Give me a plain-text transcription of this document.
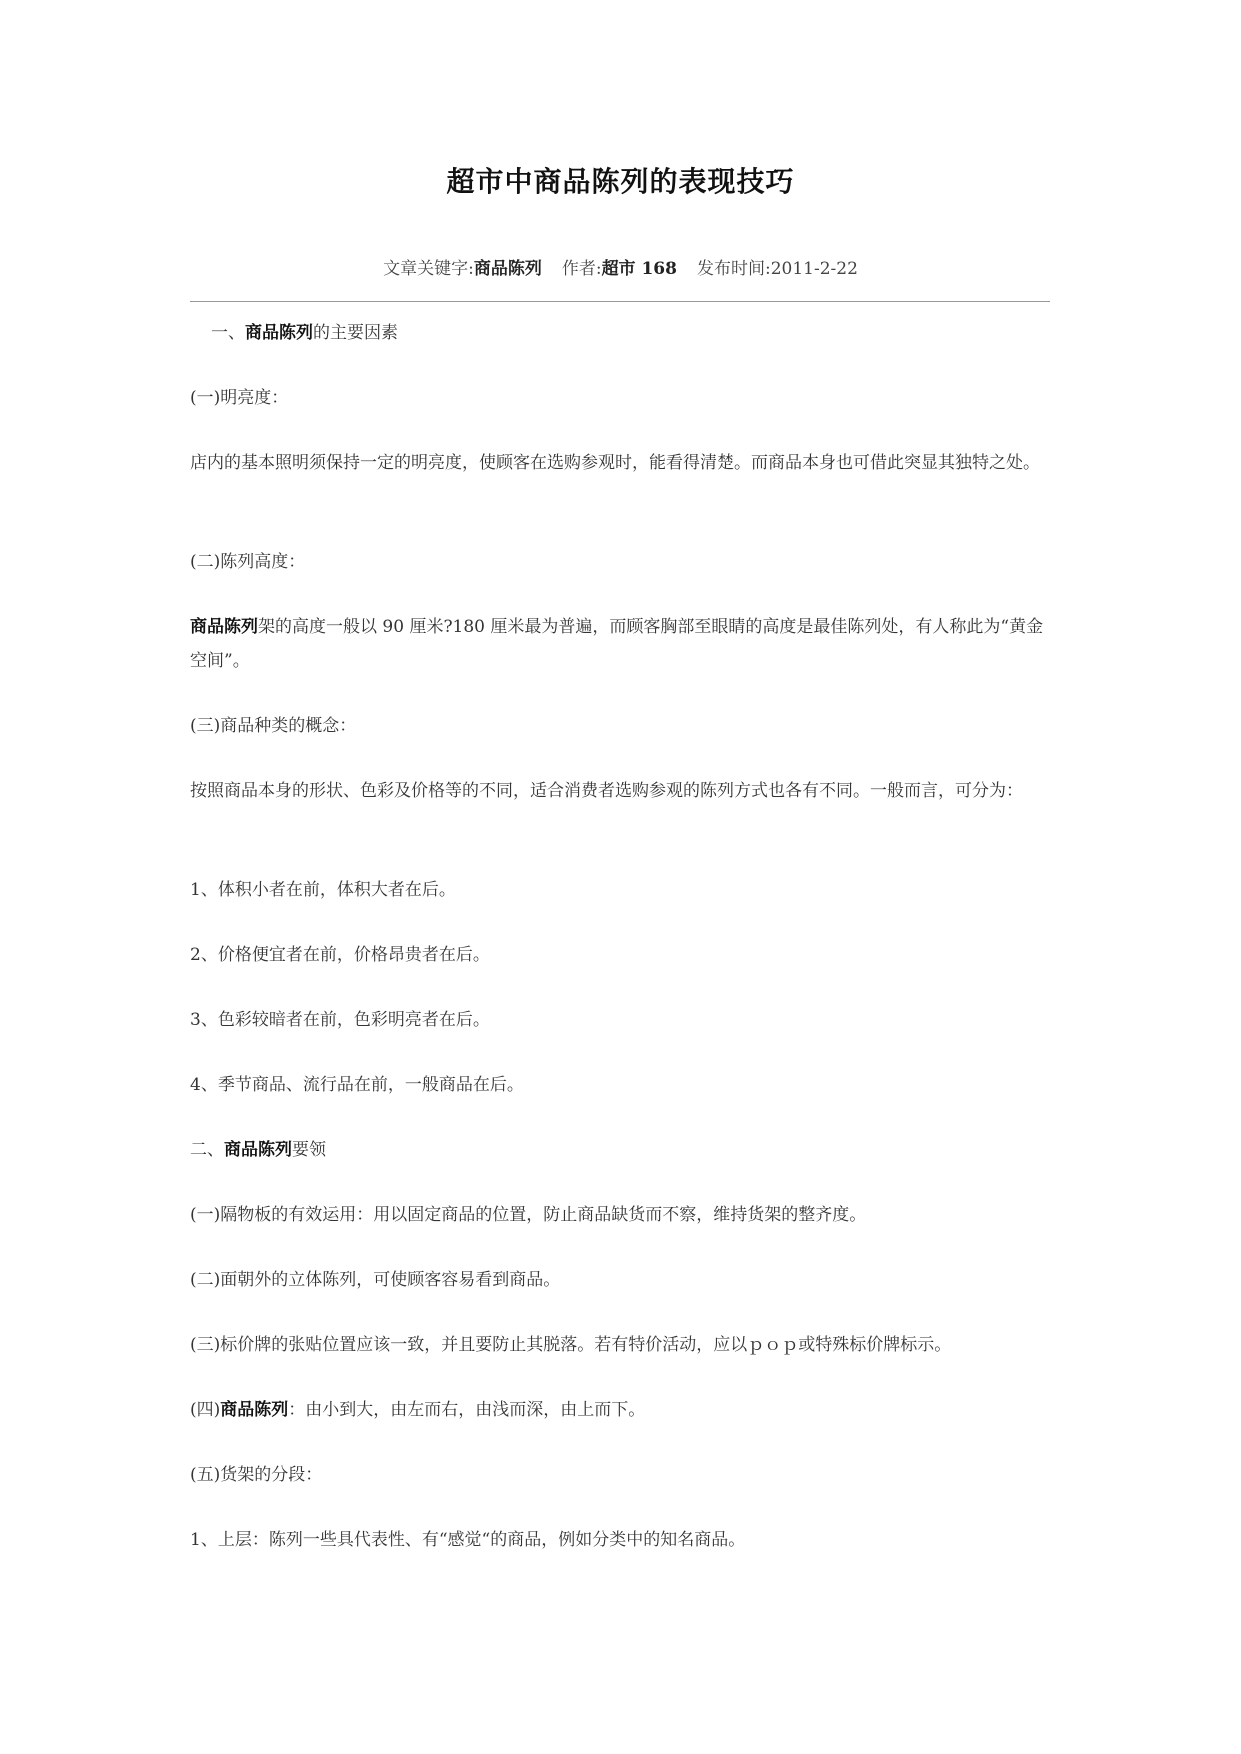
超市中商品陈列的表现技巧
文章关键字:商品陈列 作者:超市 168 发布时间:2011-2-22
一、商品陈列的主要因素
(一)明亮度：
店内的基本照明须保持一定的明亮度，使顾客在选购参观时，能看得清楚。而商品本身也可借此突显其独特之处。
(二)陈列高度：
商品陈列架的高度一般以 90 厘米?180 厘米最为普遍，而顾客胸部至眼睛的高度是最佳陈列处，有人称此为“黄金空间”。
(三)商品种类的概念：
按照商品本身的形状、色彩及价格等的不同，适合消费者选购参观的陈列方式也各有不同。一般而言，可分为：
1、体积小者在前，体积大者在后。
2、价格便宜者在前，价格昂贵者在后。
3、色彩较暗者在前，色彩明亮者在后。
4、季节商品、流行品在前，一般商品在后。
二、商品陈列要领
(一)隔物板的有效运用：用以固定商品的位置，防止商品缺货而不察，维持货架的整齐度。
(二)面朝外的立体陈列，可使顾客容易看到商品。
(三)标价牌的张贴位置应该一致，并且要防止其脱落。若有特价活动，应以ｐｏｐ或特殊标价牌标示。
(四)商品陈列：由小到大，由左而右，由浅而深，由上而下。
(五)货架的分段：
1、上层：陈列一些具代表性、有“感觉“的商品，例如分类中的知名商品。
